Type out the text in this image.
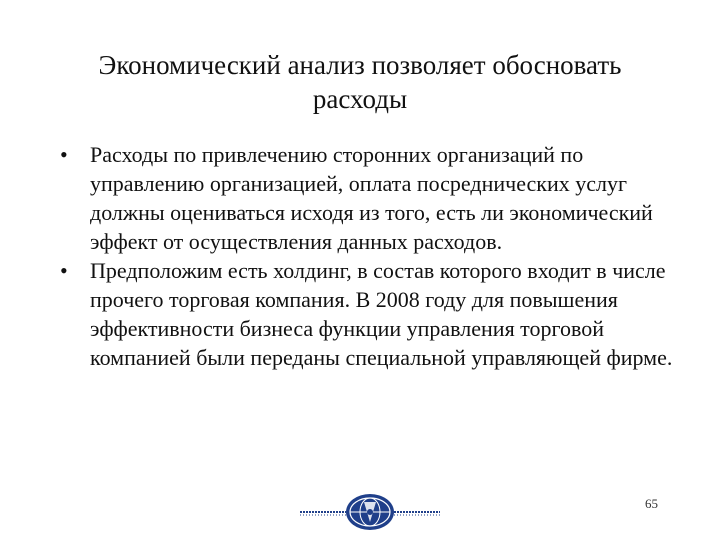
Экономический анализ позволяет обосновать
расходы
• Расходы по привлечению сторонних организаций по управлению организацией, оплата посреднических услуг должны оцениваться исходя из того, есть ли экономический эффект от осуществления данных расходов.
• Предположим есть холдинг, в состав которого входит в числе прочего торговая компания. В 2008 году для повышения эффективности бизнеса функции управления торговой компанией были переданы специальной управляющей фирме.
65
